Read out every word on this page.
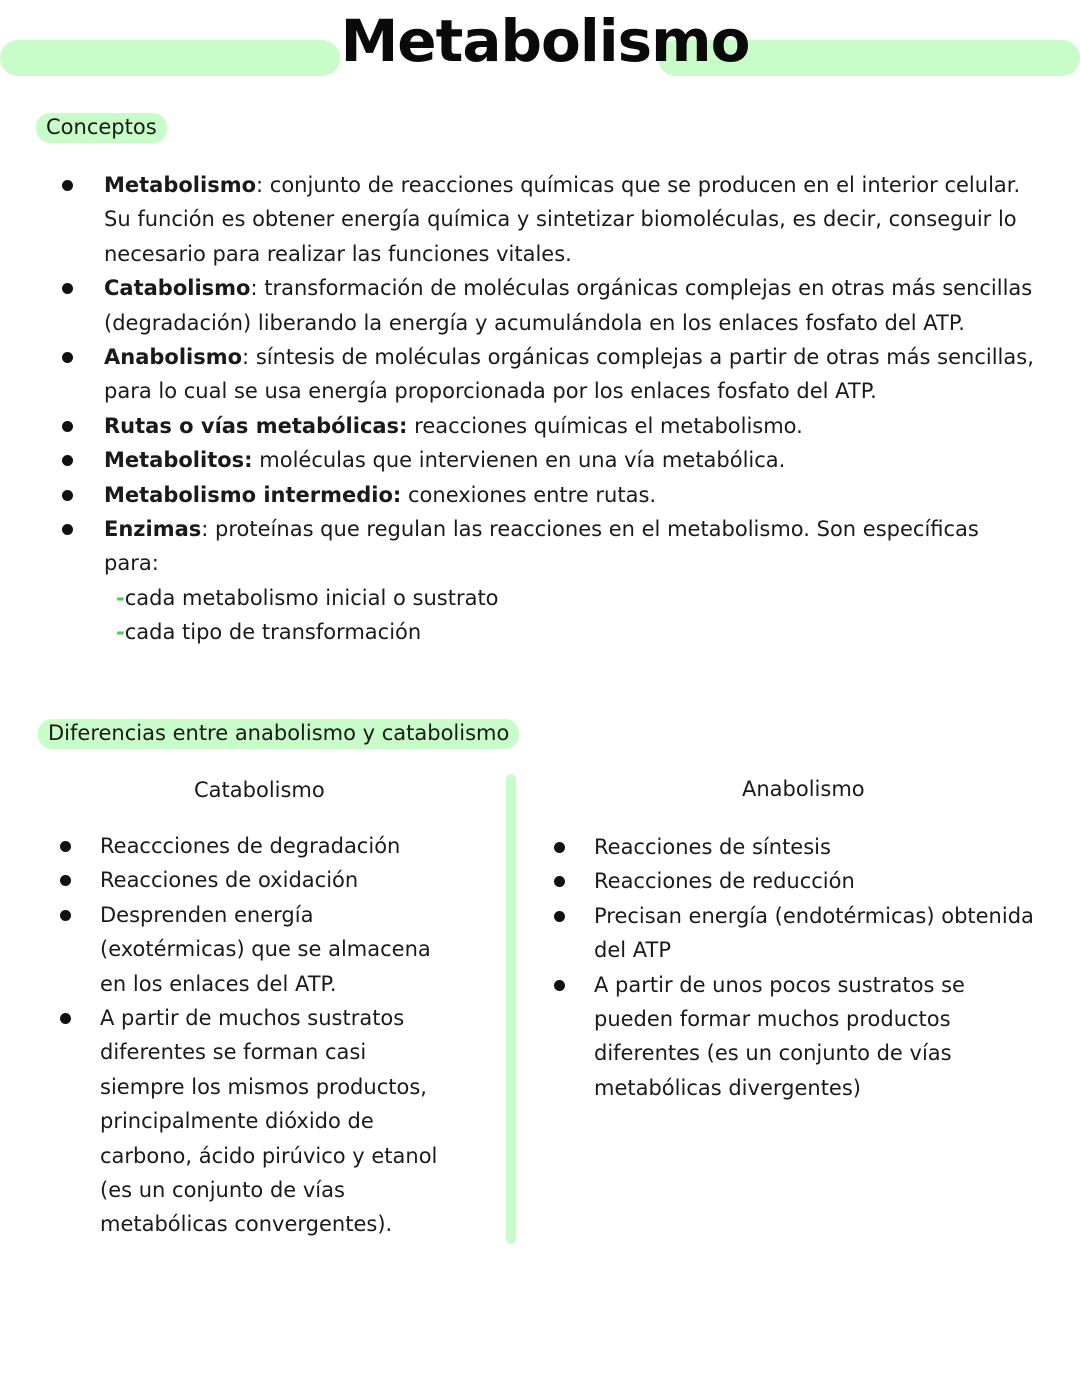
Metabolismo
Conceptos
Metabolismo: conjunto de reacciones químicas que se producen en el interior celular. Su función es obtener energía química y sintetizar biomoléculas, es decir, conseguir lo necesario para realizar las funciones vitales.
Catabolismo: transformación de moléculas orgánicas complejas en otras más sencillas (degradación) liberando la energía y acumulándola en los enlaces fosfato del ATP.
Anabolismo: síntesis de moléculas orgánicas complejas a partir de otras más sencillas, para lo cual se usa energía proporcionada por los enlaces fosfato del ATP.
Rutas o vías metabólicas: reacciones químicas el metabolismo.
Metabolitos: moléculas que intervienen en una vía metabólica.
Metabolismo intermedio: conexiones entre rutas.
Enzimas: proteínas que regulan las reacciones en el metabolismo. Son específicas para:
-cada metabolismo inicial o sustrato
-cada tipo de transformación
Diferencias entre anabolismo y catabolismo
Catabolismo	Anabolismo
Reaccciones de degradación
Reacciones de oxidación
Desprenden energía (exotérmicas) que se almacena en los enlaces del ATP.
A partir de muchos sustratos diferentes se forman casi siempre los mismos productos, principalmente dióxido de carbono, ácido pirúvico y etanol (es un conjunto de vías metabólicas convergentes).
Reacciones de síntesis
Reacciones de reducción
Precisan energía (endotérmicas) obtenida del ATP
A partir de unos pocos sustratos se pueden formar muchos productos diferentes (es un conjunto de vías metabólicas divergentes)
